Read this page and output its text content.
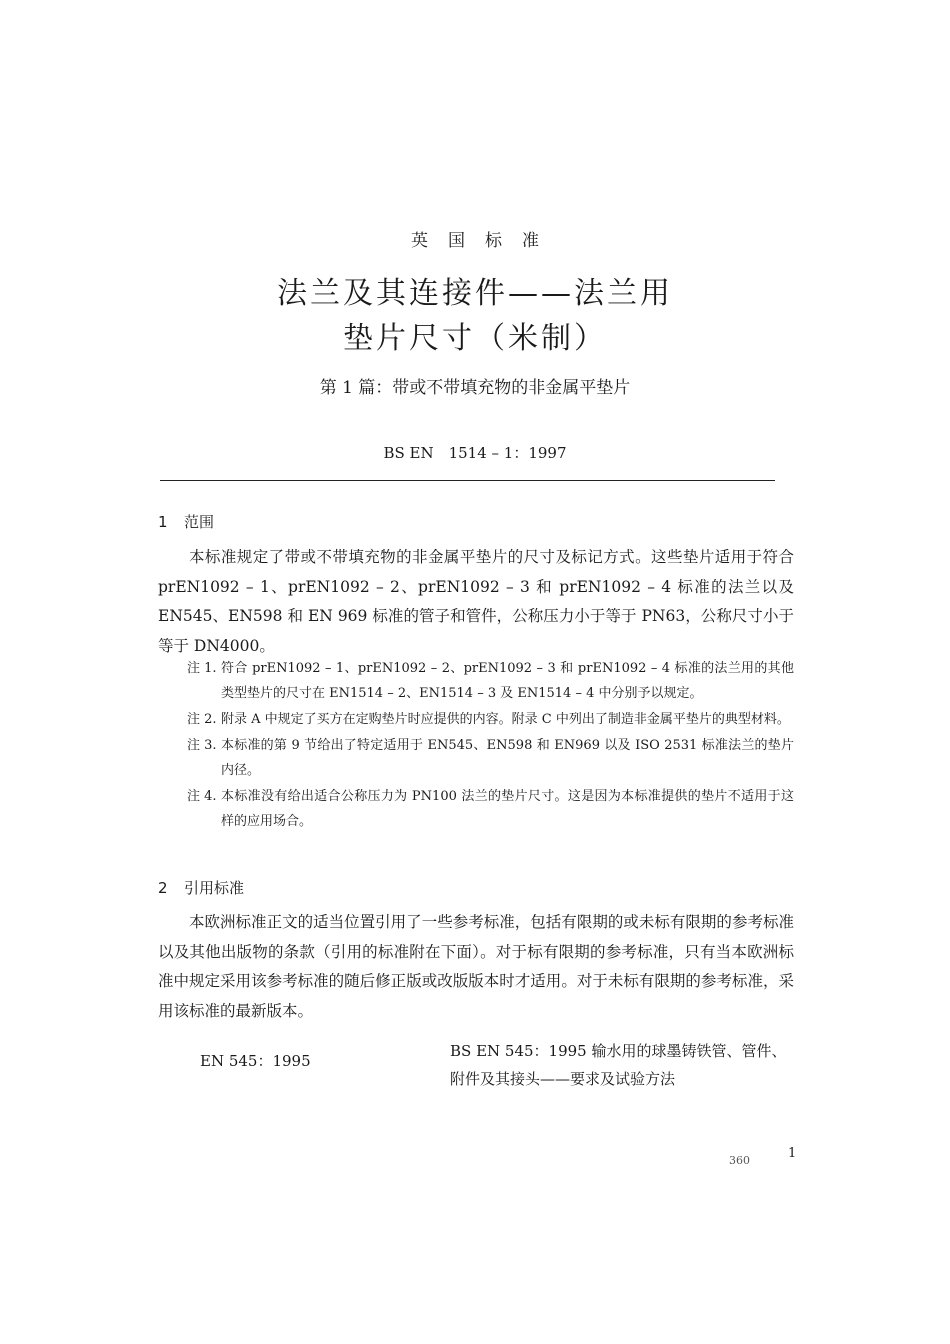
英国标准
法兰及其连接件——法兰用
垫片尺寸（米制）
第 1 篇：带或不带填充物的非金属平垫片
BS EN　1514 – 1：1997
1 范围
本标准规定了带或不带填充物的非金属平垫片的尺寸及标记方式。这些垫片适用于符合 prEN1092 – 1、prEN1092 – 2、prEN1092 – 3 和 prEN1092 – 4 标准的法兰以及 EN545、EN598 和 EN 969 标准的管子和管件，公称压力小于等于 PN63，公称尺寸小于等于 DN4000。
注 1. 符合 prEN1092 – 1、prEN1092 – 2、prEN1092 – 3 和 prEN1092 – 4 标准的法兰用的其他类型垫片的尺寸在 EN1514 – 2、EN1514 – 3 及 EN1514 – 4 中分别予以规定。
注 2. 附录 A 中规定了买方在定购垫片时应提供的内容。附录 C 中列出了制造非金属平垫片的典型材料。
注 3. 本标准的第 9 节给出了特定适用于 EN545、EN598 和 EN969 以及 ISO 2531 标准法兰的垫片内径。
注 4. 本标准没有给出适合公称压力为 PN100 法兰的垫片尺寸。这是因为本标准提供的垫片不适用于这样的应用场合。
2 引用标准
本欧洲标准正文的适当位置引用了一些参考标准，包括有限期的或未标有限期的参考标准以及其他出版物的条款（引用的标准附在下面）。对于标有限期的参考标准，只有当本欧洲标准中规定采用该参考标准的随后修正版或改版版本时才适用。对于未标有限期的参考标准，采用该标准的最新版本。
EN 545：1995
BS EN 545：1995 输水用的球墨铸铁管、管件、附件及其接头——要求及试验方法
1
360
